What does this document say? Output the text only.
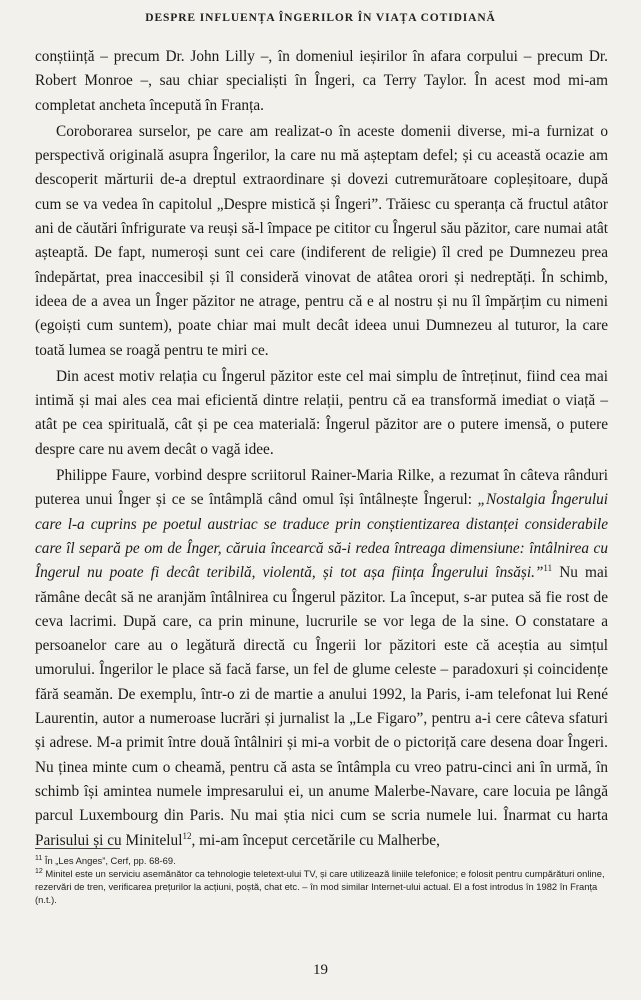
DESPRE INFLUENȚA ÎNGERILOR ÎN VIAȚA COTIDIANĂ

conștiință – precum Dr. John Lilly –, în domeniul ieșirilor în afara corpului – precum Dr. Robert Monroe –, sau chiar specialiști în Îngeri, ca Terry Taylor. În acest mod mi-am completat ancheta începută în Franța.

Coroborarea surselor, pe care am realizat-o în aceste domenii diverse, mi-a furnizat o perspectivă originală asupra Îngerilor, la care nu mă așteptam defel; și cu această ocazie am descoperit mărturii de-a dreptul extraordinare și dovezi cutremurătoare copleșitoare, după cum se va vedea în capitolul „Despre mistică și Îngeri”. Trăiesc cu speranța că fructul atâtor ani de căutări înfrigurate va reuși să-l împace pe cititor cu Îngerul său păzitor, care numai atât așteaptă. De fapt, numeroși sunt cei care (indiferent de religie) îl cred pe Dumnezeu prea îndepărtat, prea inaccesibil și îl consideră vinovat de atâtea orori și nedreptăți. În schimb, ideea de a avea un Înger păzitor ne atrage, pentru că e al nostru și nu îl împărțim cu nimeni (egoiști cum suntem), poate chiar mai mult decât ideea unui Dumnezeu al tuturor, la care toată lumea se roagă pentru te miri ce.

Din acest motiv relația cu Îngerul păzitor este cel mai simplu de întreținut, fiind cea mai intimă și mai ales cea mai eficientă dintre relații, pentru că ea transformă imediat o viață – atât pe cea spirituală, cât și pe cea materială: Îngerul păzitor are o putere imensă, o putere despre care nu avem decât o vagă idee.

Philippe Faure, vorbind despre scriitorul Rainer-Maria Rilke, a rezumat în câteva rânduri puterea unui Înger și ce se întâmplă când omul își întâlnește Îngerul: „Nostalgia Îngerului care l-a cuprins pe poetul austriac se traduce prin conștientizarea distanței considerabile care îl separă pe om de Înger, căruia încearcă să-i redea întreaga dimensiune: întâlnirea cu Îngerul nu poate fi decât teribilă, violentă, și tot așa ființa Îngerului însăși.”$^{11}$ Nu mai rămâne decât să ne aranjăm întâlnirea cu Îngerul păzitor. La început, s-ar putea să fie rost de ceva lacrimi. După care, ca prin minune, lucrurile se vor lega de la sine. O constatare a persoanelor care au o legătură directă cu Îngerii lor păzitori este că aceștia au simțul umorului. Îngerilor le place să facă farse, un fel de glume celeste – paradoxuri și coincidențe fără seamăn. De exemplu, într-o zi de martie a anului 1992, la Paris, i-am telefonat lui René Laurentin, autor a numeroase lucrări și jurnalist la „Le Figaro”, pentru a-i cere câteva sfaturi și adrese. M-a primit între două întâlniri și mi-a vorbit de o pictoriță care desena doar Îngeri. Nu ținea minte cum o cheamă, pentru că asta se întâmpla cu vreo patru-cinci ani în urmă, în schimb își amintea numele impresarului ei, un anume Malerbe-Navare, care locuia pe lângă parcul Luxembourg din Paris. Nu mai știa nici cum se scria numele lui. Înarmat cu harta Parisului și cu Minitelul$^{12}$, mi-am început cercetările cu Malherbe,

$^{11}$ În „Les Anges”, Cerf, pp. 68-69.

$^{12}$ Minitel este un serviciu asemănător ca tehnologie teletext-ului TV, și care utilizează liniile telefonice; e folosit pentru cumpărături online, rezervări de tren, verificarea prețurilor la acțiuni, poștă, chat etc. – în mod similar Internet-ului actual. El a fost introdus în 1982 în Franța (n.t.).

19
